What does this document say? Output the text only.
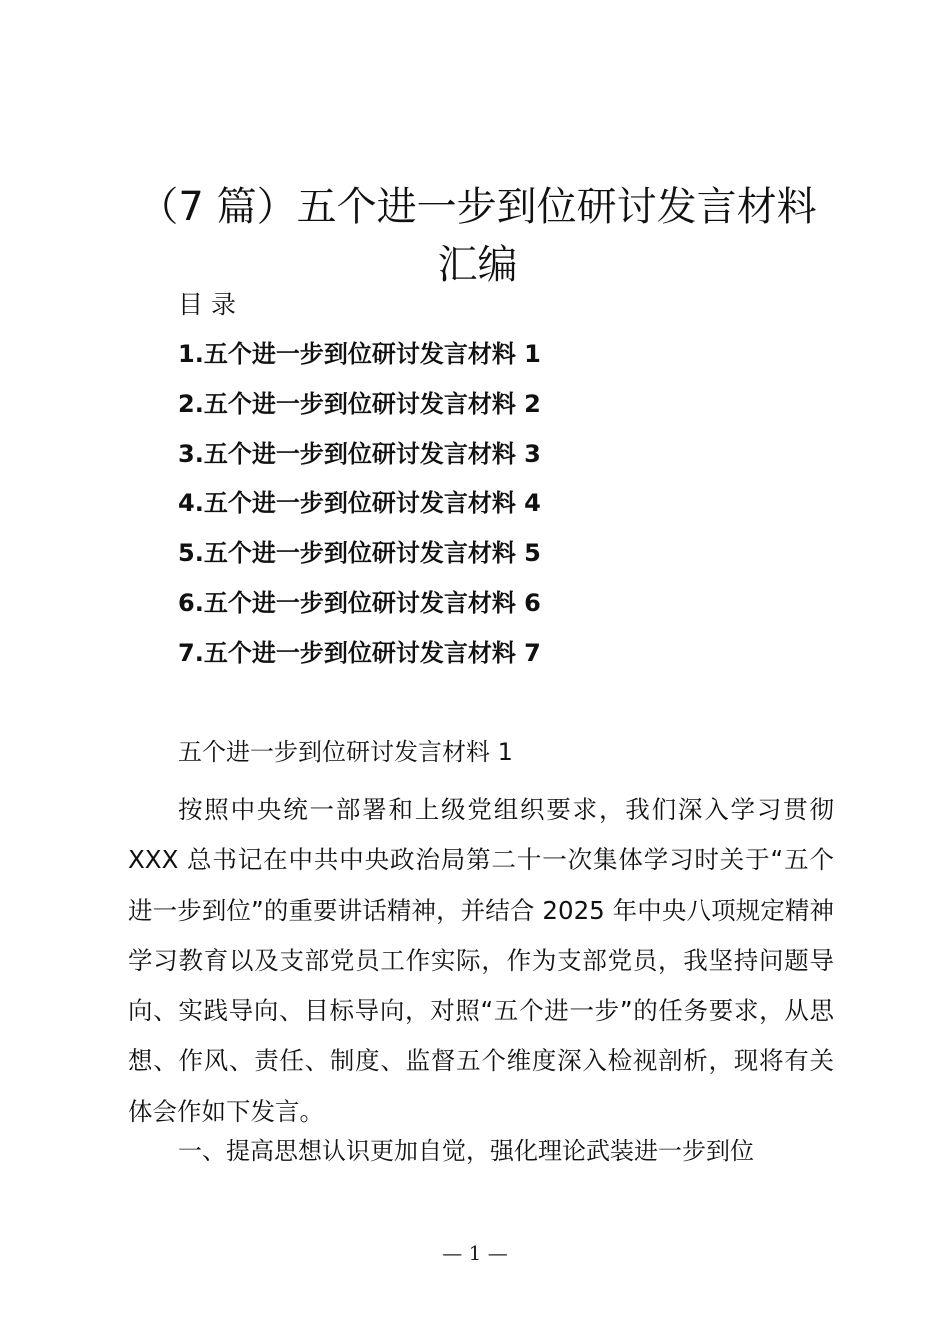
（7 篇）五个进一步到位研讨发言材料汇编
目 录
1.五个进一步到位研讨发言材料 1
2.五个进一步到位研讨发言材料 2
3.五个进一步到位研讨发言材料 3
4.五个进一步到位研讨发言材料 4
5.五个进一步到位研讨发言材料 5
6.五个进一步到位研讨发言材料 6
7.五个进一步到位研讨发言材料 7
五个进一步到位研讨发言材料 1

按照中央统一部署和上级党组织要求，我们深入学习贯彻 XXX 总书记在中共中央政治局第二十一次集体学习时关于“五个进一步到位”的重要讲话精神，并结合 2025 年中央八项规定精神学习教育以及支部党员工作实际，作为支部党员，我坚持问题导向、实践导向、目标导向，对照“五个进一步”的任务要求，从思想、作风、责任、制度、监督五个维度深入检视剖析，现将有关体会作如下发言。

一、提高思想认识更加自觉，强化理论武装进一步到位
— 1 —
